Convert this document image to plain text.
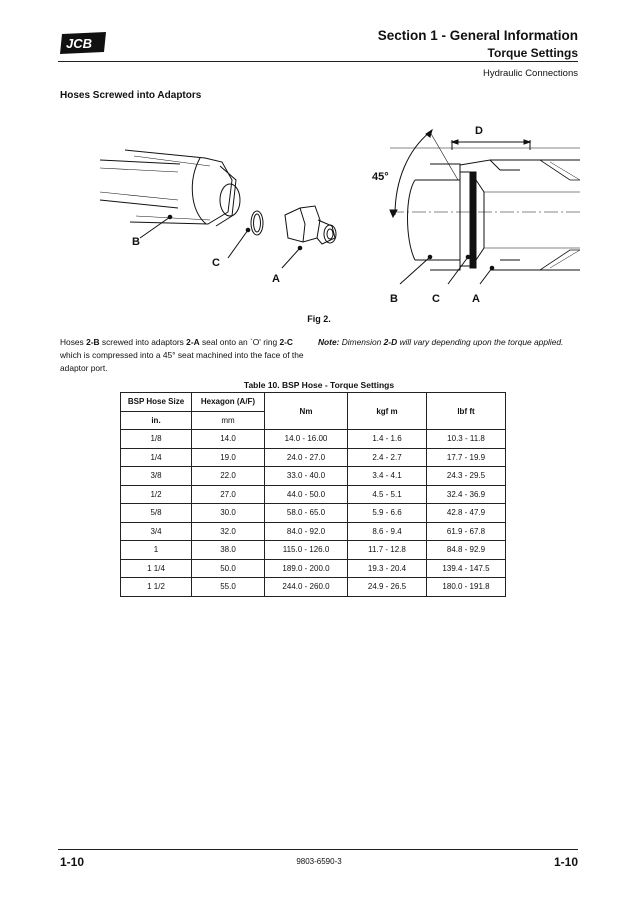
JCB
Section 1 - General Information
Torque Settings
Hydraulic Connections
Hoses Screwed into Adaptors
B
C
A
45°
D
B	C	A
Fig 2.
Hoses 2-B screwed into adaptors 2-A seal onto an `O' ring 2-C which is compressed into a 45° seat machined into the face of the adaptor port.
Note: Dimension 2-D will vary depending upon the torque applied.
Table 10. BSP Hose - Torque Settings
BSP Hose Size	Hexagon (A/F)	Nm	kgf m	lbf ft
in.	mm			
1/8	14.0	14.0 - 16.00	1.4 - 1.6	10.3 - 11.8
1/4	19.0	24.0 - 27.0	2.4 - 2.7	17.7 - 19.9
3/8	22.0	33.0 - 40.0	3.4 - 4.1	24.3 - 29.5
1/2	27.0	44.0 - 50.0	4.5 - 5.1	32.4 - 36.9
5/8	30.0	58.0 - 65.0	5.9 - 6.6	42.8 - 47.9
3/4	32.0	84.0 - 92.0	8.6 - 9.4	61.9 - 67.8
1	38.0	115.0 - 126.0	11.7 - 12.8	84.8 - 92.9
1 1/4	50.0	189.0 - 200.0	19.3 - 20.4	139.4 - 147.5
1 1/2	55.0	244.0 - 260.0	24.9 - 26.5	180.0 - 191.8
1-10	9803-6590-3	1-10
